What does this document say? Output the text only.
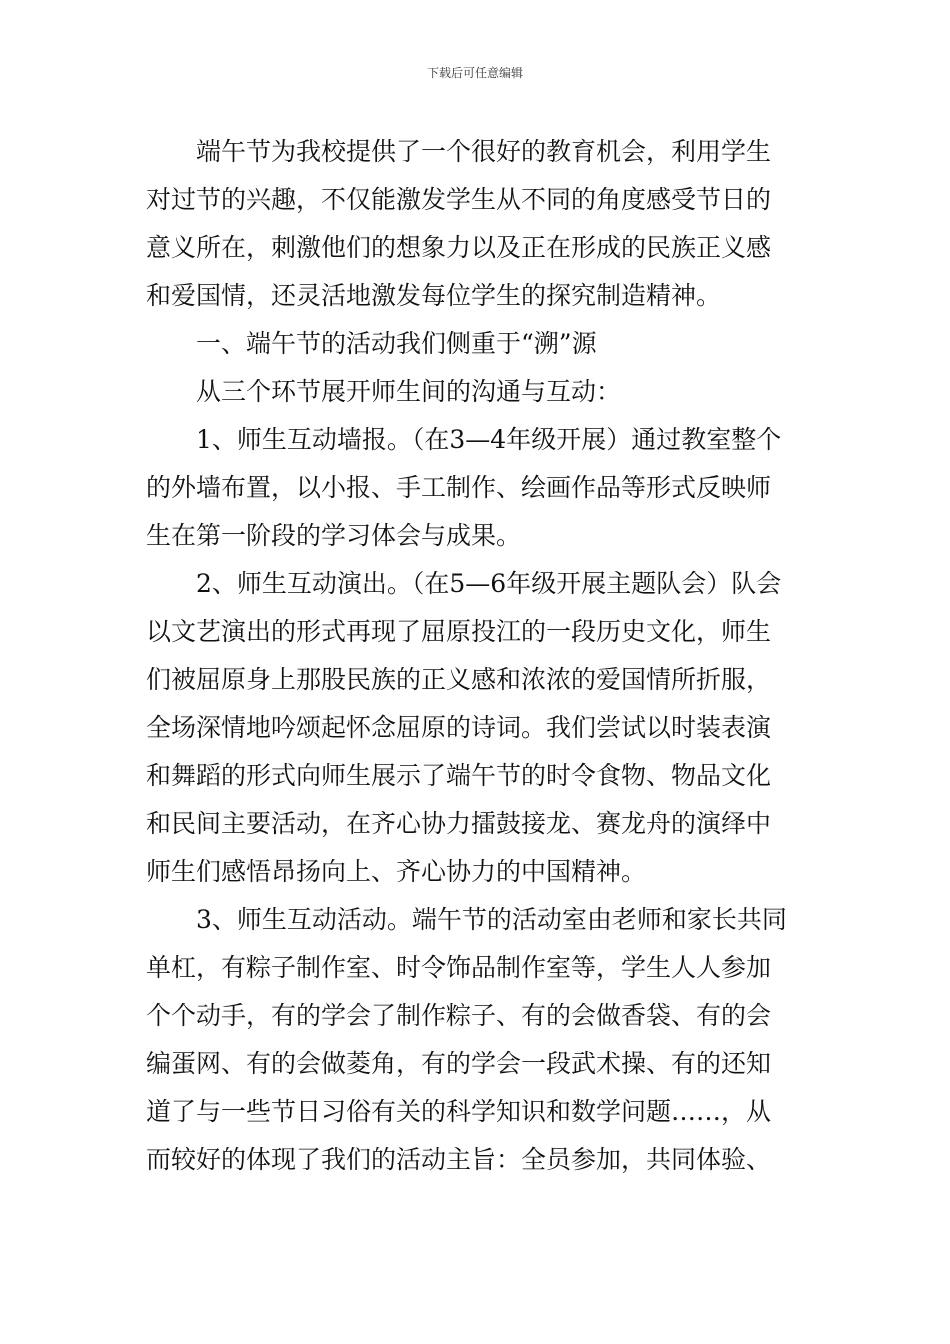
下载后可任意编辑
端午节为我校提供了一个很好的教育机会，利用学生
对过节的兴趣，不仅能激发学生从不同的角度感受节日的
意义所在，刺激他们的想象力以及正在形成的民族正义感
和爱国情，还灵活地激发每位学生的探究制造精神。
一、端午节的活动我们侧重于“溯”源
从三个环节展开师生间的沟通与互动：
1、师生互动墙报。（在3—4年级开展）通过教室整个
的外墙布置，以小报、手工制作、绘画作品等形式反映师
生在第一阶段的学习体会与成果。
2、师生互动演出。（在5—6年级开展主题队会）队会
以文艺演出的形式再现了屈原投江的一段历史文化，师生
们被屈原身上那股民族的正义感和浓浓的爱国情所折服，
全场深情地吟颂起怀念屈原的诗词。我们尝试以时装表演
和舞蹈的形式向师生展示了端午节的时令食物、物品文化
和民间主要活动，在齐心协力擂鼓接龙、赛龙舟的演绎中
师生们感悟昂扬向上、齐心协力的中国精神。
3、师生互动活动。端午节的活动室由老师和家长共同
单杠，有粽子制作室、时令饰品制作室等，学生人人参加
个个动手，有的学会了制作粽子、有的会做香袋、有的会
编蛋网、有的会做菱角，有的学会一段武术操、有的还知
道了与一些节日习俗有关的科学知识和数学问题……，从
而较好的体现了我们的活动主旨：全员参加，共同体验、
